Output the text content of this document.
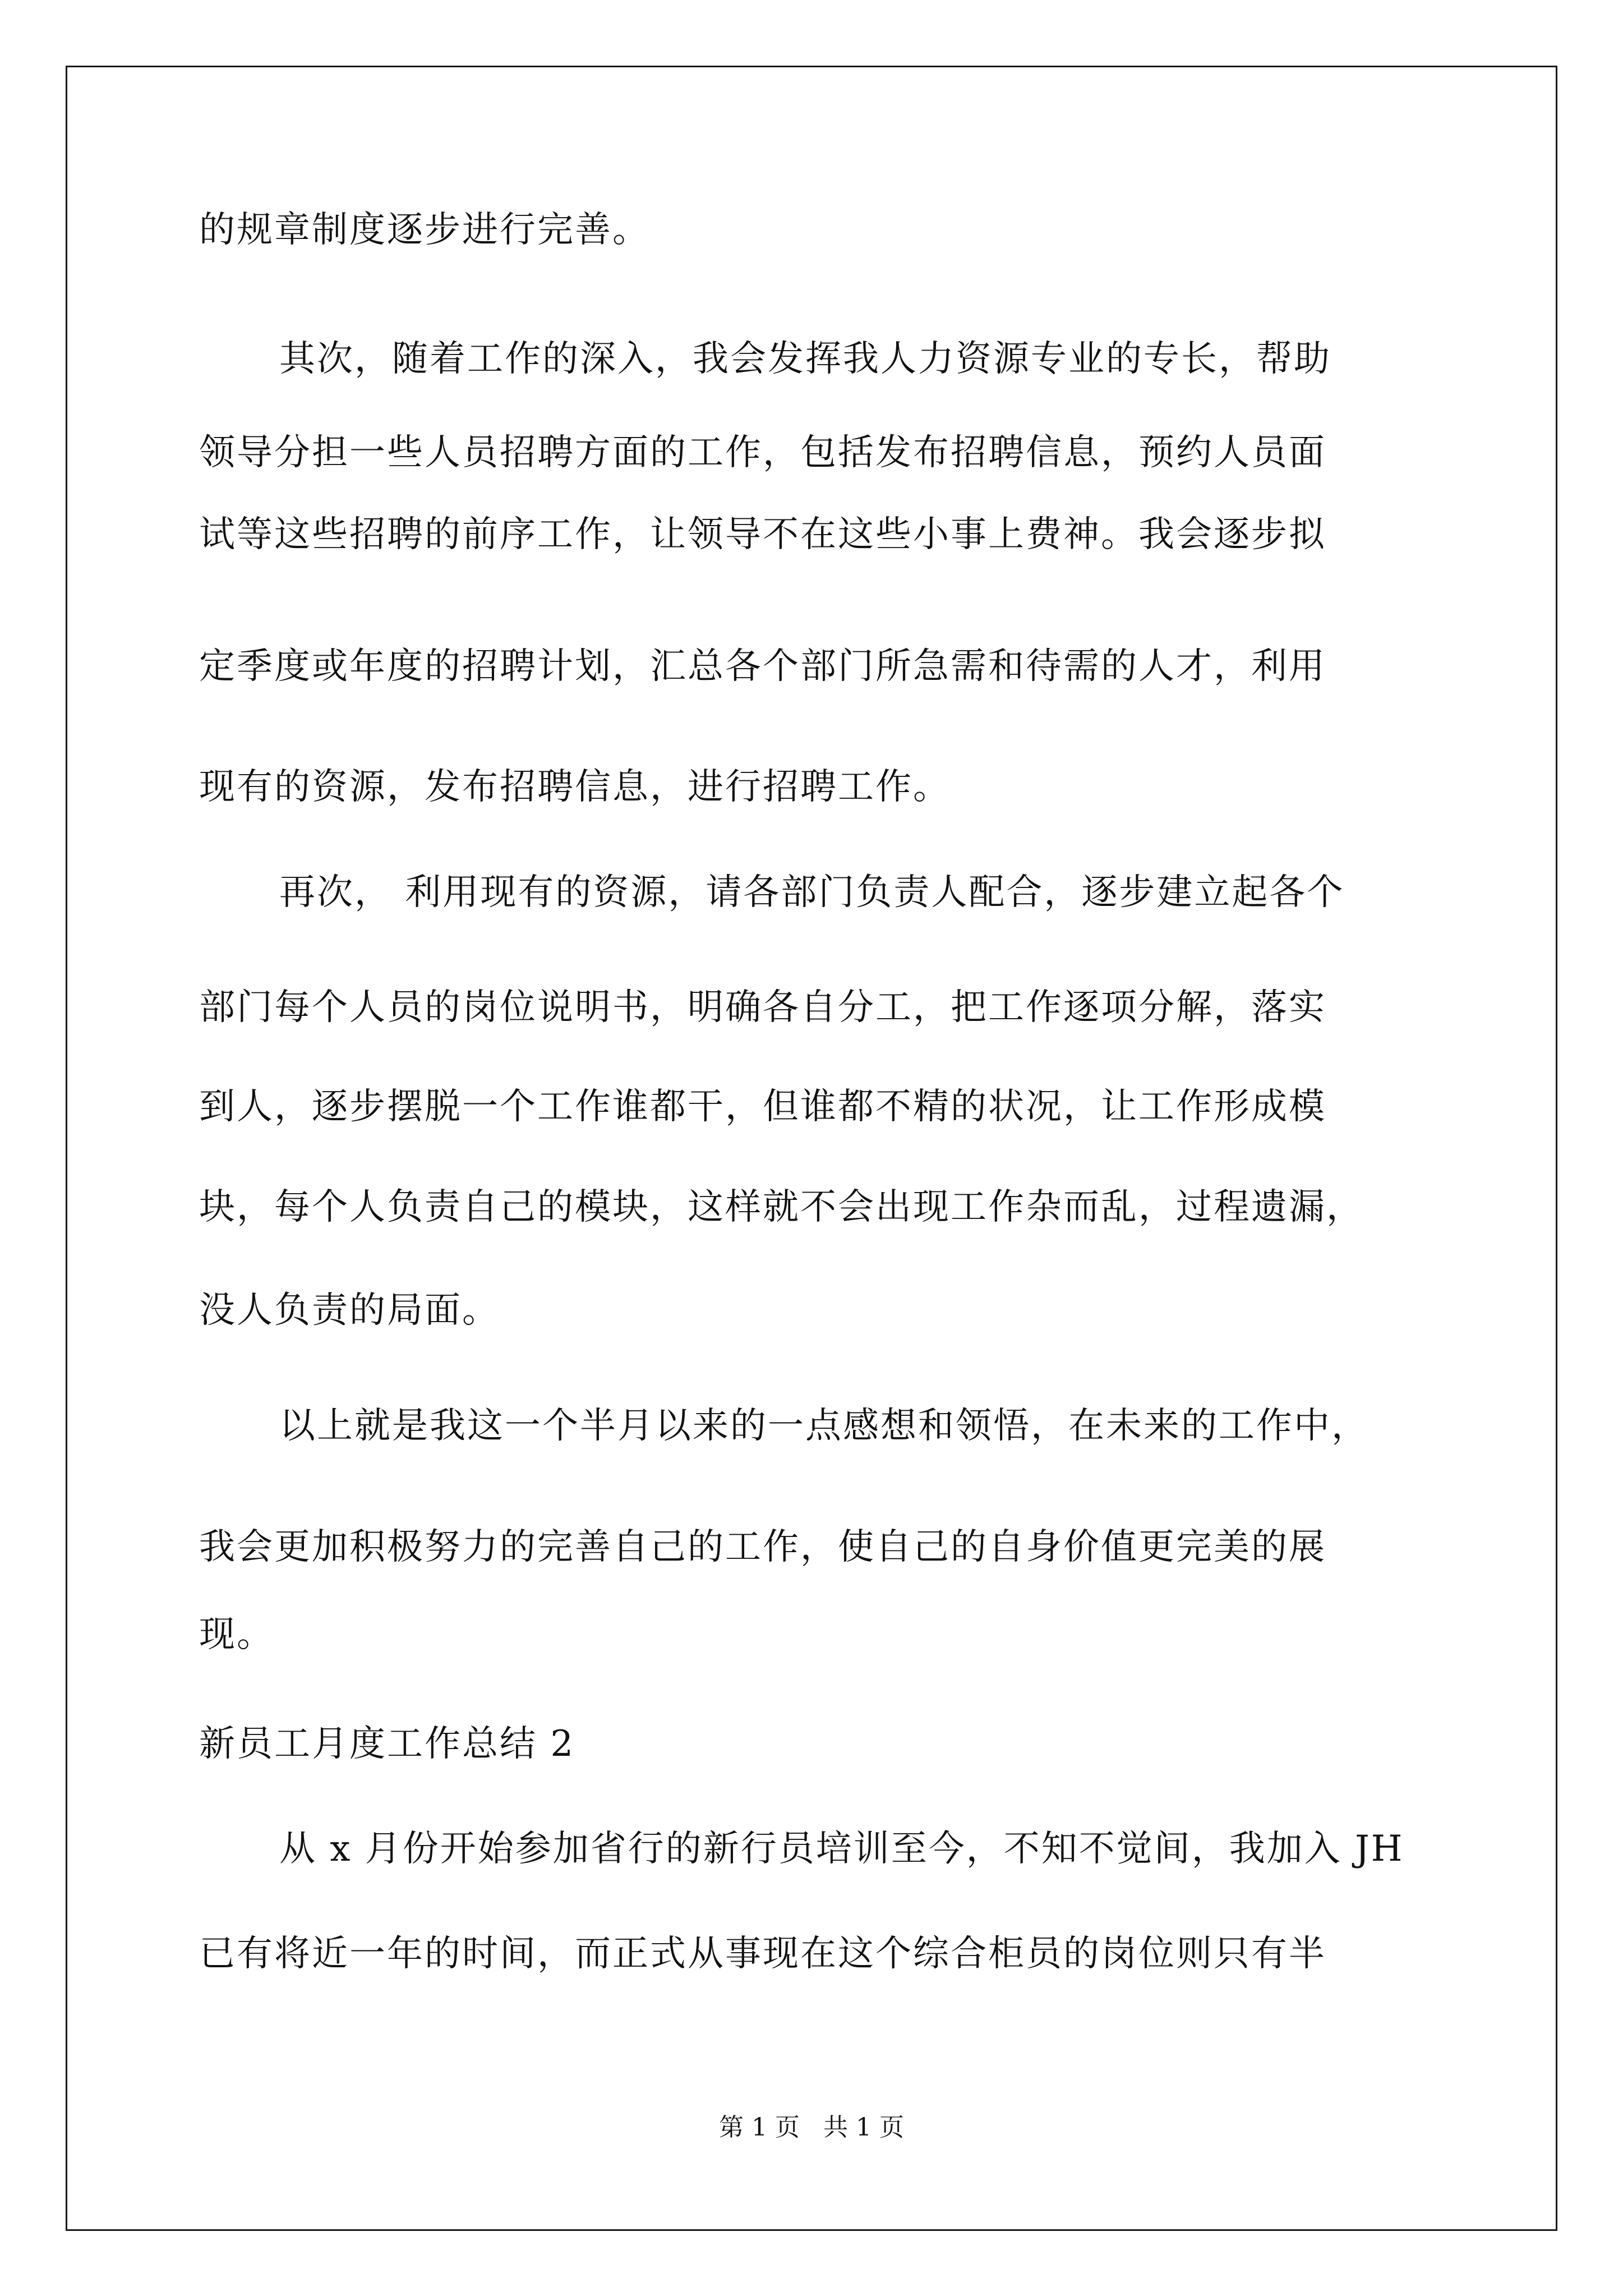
的规章制度逐步进行完善。
其次，随着工作的深入，我会发挥我人力资源专业的专长，帮助
领导分担一些人员招聘方面的工作，包括发布招聘信息，预约人员面
试等这些招聘的前序工作，让领导不在这些小事上费神。我会逐步拟
定季度或年度的招聘计划，汇总各个部门所急需和待需的人才，利用
现有的资源，发布招聘信息，进行招聘工作。
再次， 利用现有的资源，请各部门负责人配合，逐步建立起各个
部门每个人员的岗位说明书，明确各自分工，把工作逐项分解，落实
到人，逐步摆脱一个工作谁都干，但谁都不精的状况，让工作形成模
块，每个人负责自己的模块，这样就不会出现工作杂而乱，过程遗漏，
没人负责的局面。
以上就是我这一个半月以来的一点感想和领悟，在未来的工作中，
我会更加积极努力的完善自己的工作，使自己的自身价值更完美的展
现。
新员工月度工作总结 2
从 x 月份开始参加省行的新行员培训至今，不知不觉间，我加入 JH
已有将近一年的时间，而正式从事现在这个综合柜员的岗位则只有半
第 1 页   共 1 页
